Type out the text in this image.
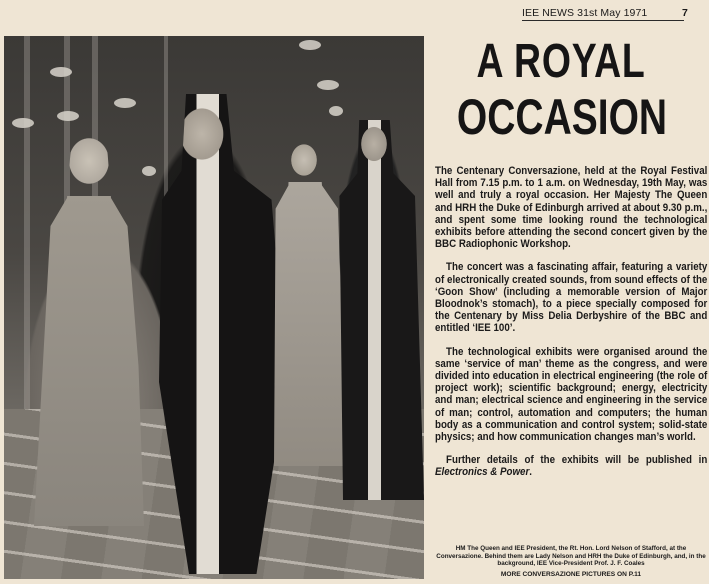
IEE NEWS 31st May 1971	7
A ROYAL
OCCASION

The Centenary Conversazione, held at the Royal Festival Hall from 7.15 p.m. to 1 a.m. on Wednesday, 19th May, was well and truly a royal occasion. Her Majesty The Queen and HRH the Duke of Edinburgh arrived at about 9.30 p.m., and spent some time looking round the technological exhibits before attending the second concert given by the BBC Radiophonic Workshop.

The concert was a fascinating affair, featuring a variety of electronically created sounds, from sound effects of the ‘Goon Show’ (including a memorable version of Major Bloodnok’s stomach), to a piece specially composed for the Centenary by Miss Delia Derbyshire of the BBC and entitled ‘IEE 100’.

The technological exhibits were organised around the same ‘service of man’ theme as the congress, and were divided into education in electrical engineering (the role of project work); scientific background; energy, electricity and man; electrical science and engineering in the service of man; control, automation and computers; the human body as a communication and control system; solid-state physics; and how communication changes man’s world.

Further details of the exhibits will be published in Electronics & Power.

HM The Queen and IEE President, the Rt. Hon. Lord Nelson of Stafford, at the Conversazione. Behind them are Lady Nelson and HRH the Duke of Edinburgh, and, in the background, IEE Vice-President Prof. J. F. Coales
MORE CONVERSAZIONE PICTURES ON P.11
